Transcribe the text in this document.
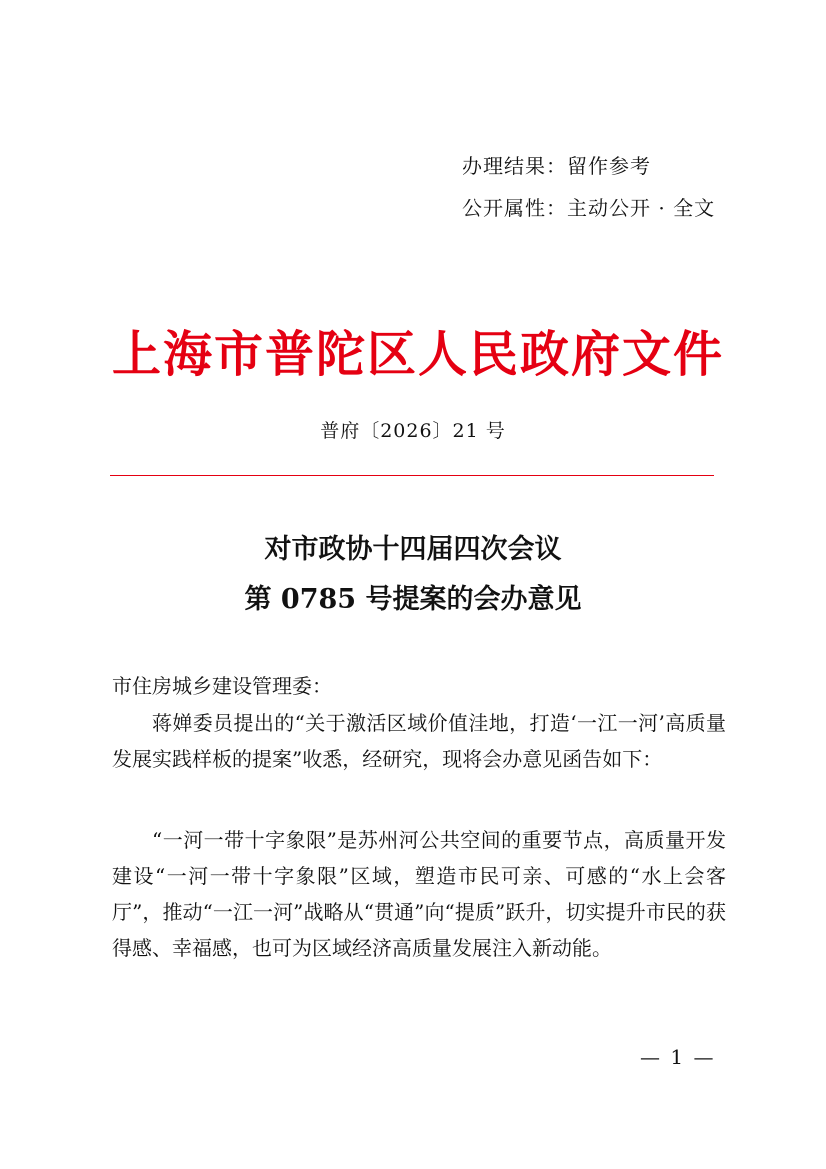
办理结果：留作参考
公开属性：主动公开 · 全文
上海市普陀区人民政府文件
普府〔2026〕21 号
对市政协十四届四次会议
第 0785 号提案的会办意见
市住房城乡建设管理委：

蒋婵委员提出的“关于激活区域价值洼地，打造‘一江一河’高质量发展实践样板的提案”收悉，经研究，现将会办意见函告如下：

“一河一带十字象限”是苏州河公共空间的重要节点，高质量开发建设“一河一带十字象限”区域，塑造市民可亲、可感的“水上会客厅”，推动“一江一河”战略从“贯通”向“提质”跃升，切实提升市民的获得感、幸福感，也可为区域经济高质量发展注入新动能。

— 1 —
